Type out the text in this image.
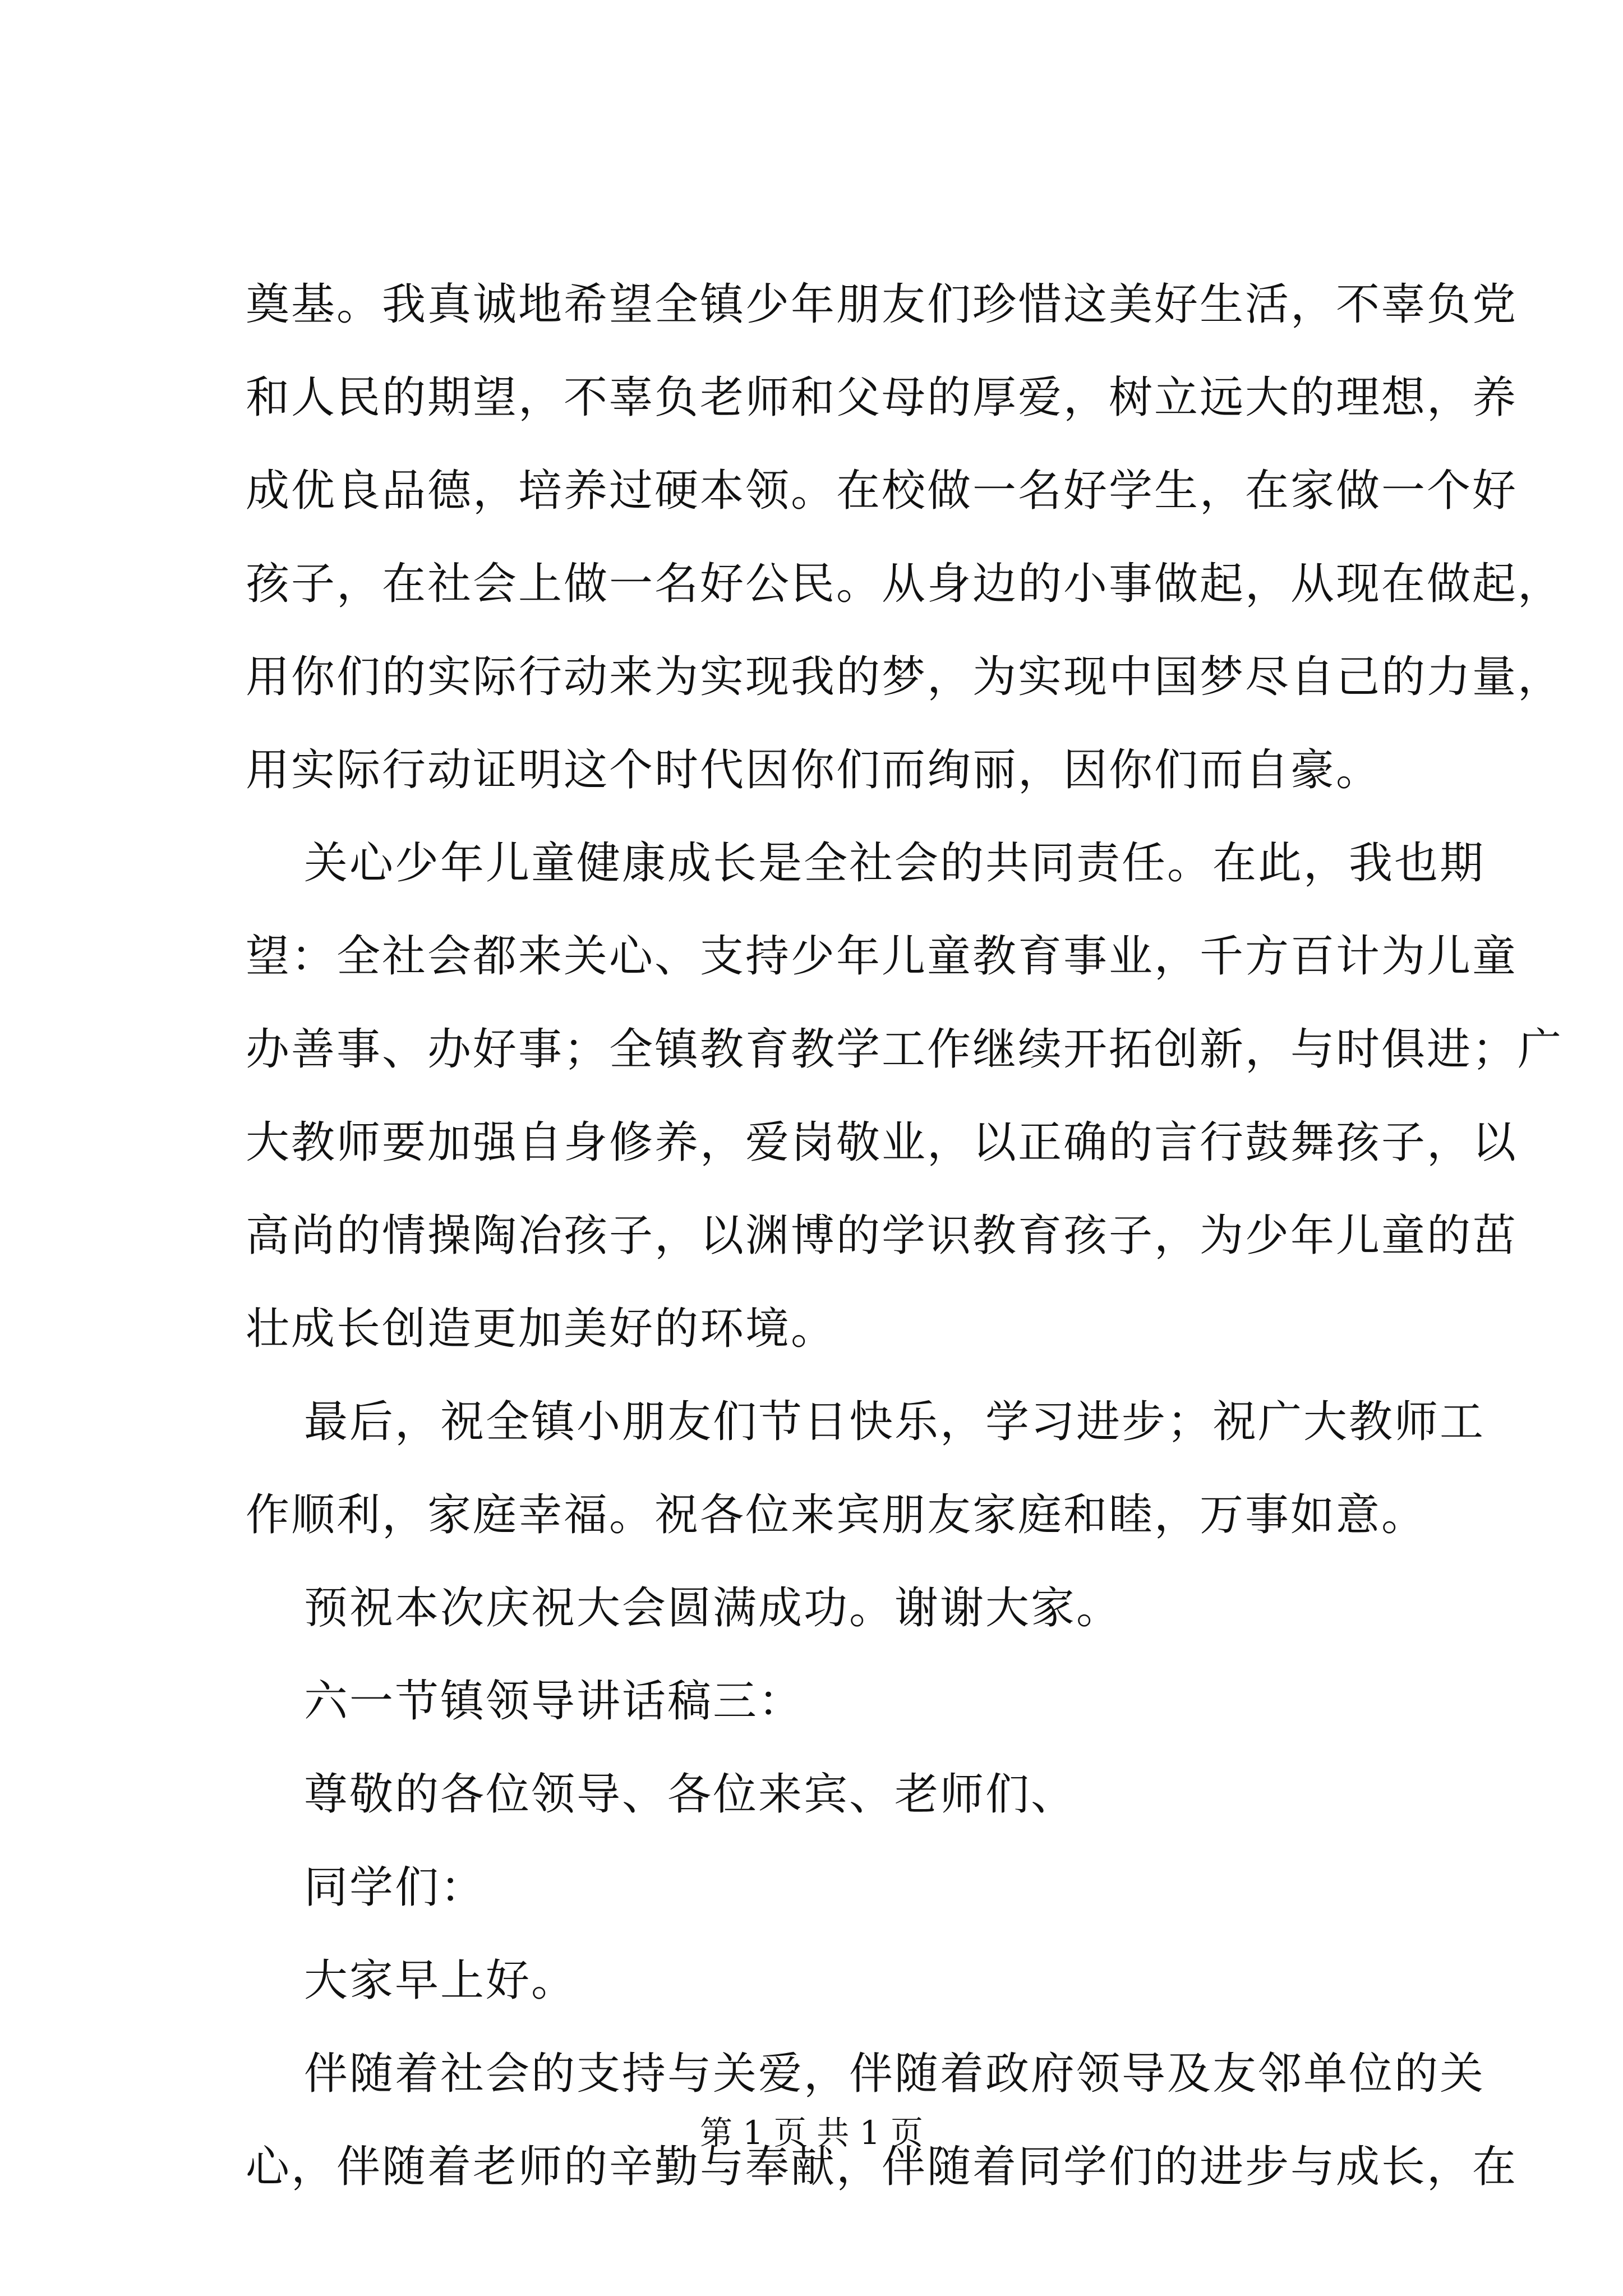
奠基。我真诚地希望全镇少年朋友们珍惜这美好生活，不辜负党
和人民的期望，不辜负老师和父母的厚爱，树立远大的理想，养
成优良品德，培养过硬本领。在校做一名好学生，在家做一个好
孩子，在社会上做一名好公民。从身边的小事做起，从现在做起，
用你们的实际行动来为实现我的梦，为实现中国梦尽自己的力量，
用实际行动证明这个时代因你们而绚丽，因你们而自豪。
关心少年儿童健康成长是全社会的共同责任。在此，我也期
望：全社会都来关心、支持少年儿童教育事业，千方百计为儿童
办善事、办好事；全镇教育教学工作继续开拓创新，与时俱进；广
大教师要加强自身修养，爱岗敬业，以正确的言行鼓舞孩子，以
高尚的情操陶冶孩子，以渊博的学识教育孩子，为少年儿童的茁
壮成长创造更加美好的环境。
最后，祝全镇小朋友们节日快乐，学习进步；祝广大教师工
作顺利，家庭幸福。祝各位来宾朋友家庭和睦，万事如意。
预祝本次庆祝大会圆满成功。谢谢大家。
六一节镇领导讲话稿三：
尊敬的各位领导、各位来宾、老师们、
同学们：
大家早上好。
伴随着社会的支持与关爱，伴随着政府领导及友邻单位的关
心，伴随着老师的辛勤与奉献，伴随着同学们的进步与成长，在
第 1 页 共 1 页
